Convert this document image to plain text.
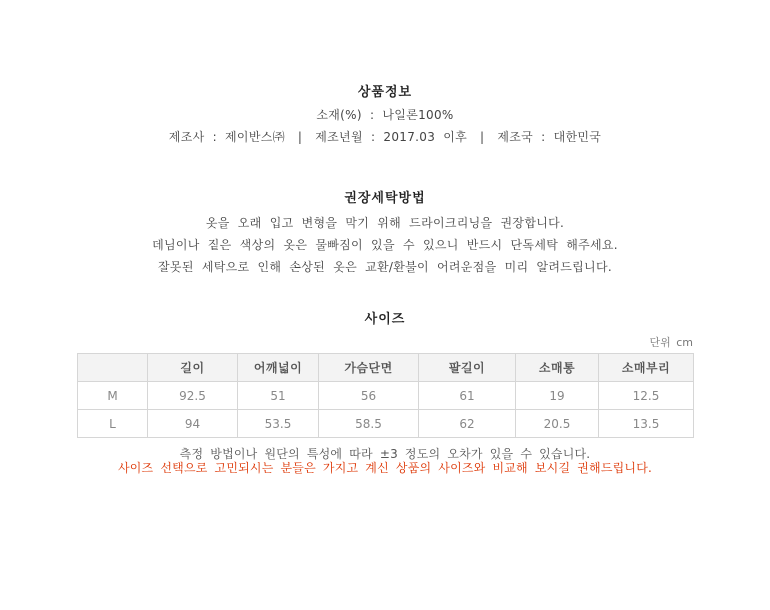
상품정보
소재(%) : 나일론100%
제조사 : 제이반스㈜ | 제조년월 : 2017.03 이후 | 제조국 : 대한민국
권장세탁방법
옷을 오래 입고 변형을 막기 위해 드라이크리닝을 권장합니다.
데님이나 짙은 색상의 옷은 물빠짐이 있을 수 있으니 반드시 단독세탁 해주세요.
잘못된 세탁으로 인해 손상된 옷은 교환/환불이 어려운점을 미리 알려드립니다.
사이즈
단위 cm
	길이	어깨넓이	가슴단면	팔길이	소매통	소매부리
M	92.5	51	56	61	19	12.5
L	94	53.5	58.5	62	20.5	13.5
측정 방법이나 원단의 특성에 따라 ±3 정도의 오차가 있을 수 있습니다.
사이즈 선택으로 고민되시는 분들은 가지고 계신 상품의 사이즈와 비교해 보시길 권해드립니다.
